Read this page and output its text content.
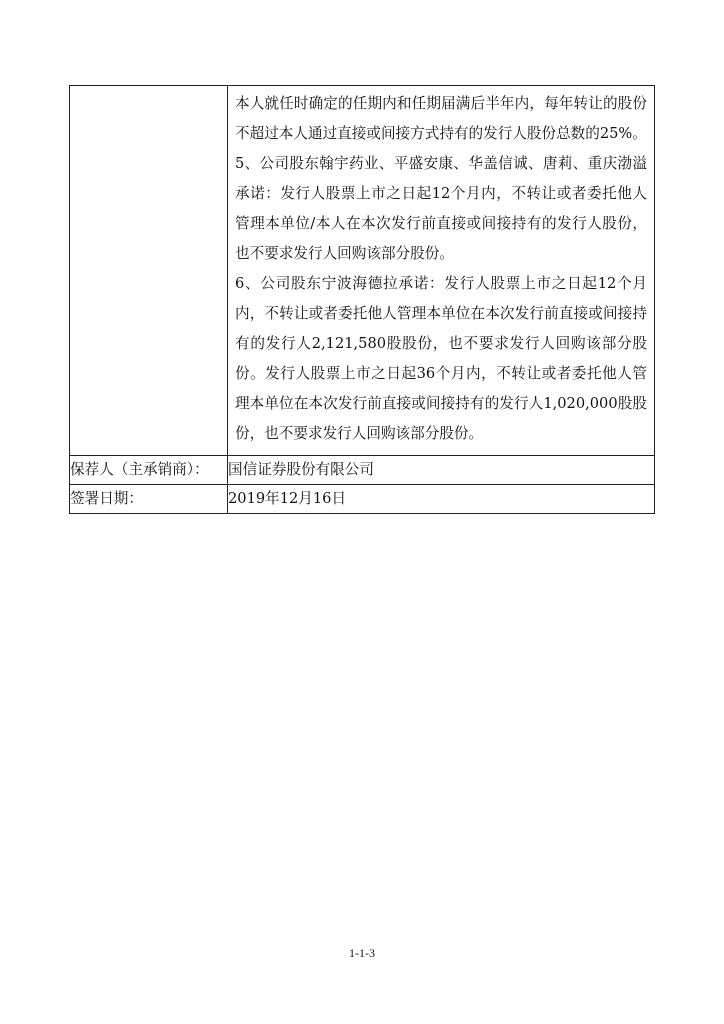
	本人就任时确定的任期内和任期届满后半年内，每年转让的股份不超过本人通过直接或间接方式持有的发行人股份总数的25%。

5、公司股东翰宇药业、平盛安康、华盖信诚、唐莉、重庆渤溢承诺：发行人股票上市之日起12个月内，不转让或者委托他人管理本单位/本人在本次发行前直接或间接持有的发行人股份，也不要求发行人回购该部分股份。

6、公司股东宁波海德拉承诺：发行人股票上市之日起12个月内，不转让或者委托他人管理本单位在本次发行前直接或间接持有的发行人2,121,580股股份，也不要求发行人回购该部分股份。发行人股票上市之日起36个月内，不转让或者委托他人管理本单位在本次发行前直接或间接持有的发行人1,020,000股股份，也不要求发行人回购该部分股份。

保荐人（主承销商）：	国信证券股份有限公司
签署日期：	2019年12月16日
1-1-3
